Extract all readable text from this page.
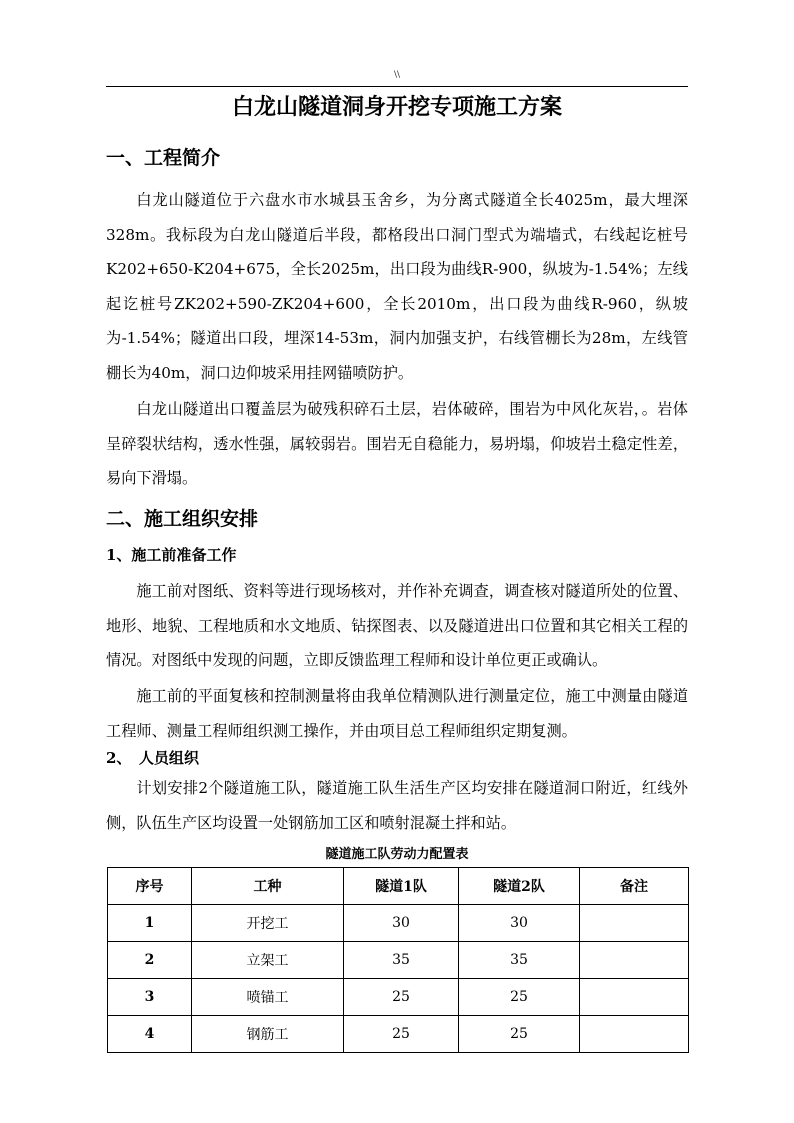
\\
白龙山隧道洞身开挖专项施工方案
一、工程简介

白龙山隧道位于六盘水市水城县玉舍乡，为分离式隧道全长4025m，最大埋深328m。我标段为白龙山隧道后半段，都格段出口洞门型式为端墙式，右线起讫桩号K202+650-K204+675，全长2025m，出口段为曲线R-900，纵坡为-1.54%；左线起讫桩号ZK202+590-ZK204+600，全长2010m，出口段为曲线R-960，纵坡为-1.54%；隧道出口段，埋深14-53m，洞内加强支护，右线管棚长为28m，左线管棚长为40m，洞口边仰坡采用挂网锚喷防护。

白龙山隧道出口覆盖层为破残积碎石土层，岩体破碎，围岩为中风化灰岩，。岩体呈碎裂状结构，透水性强，属较弱岩。围岩无自稳能力，易坍塌，仰坡岩土稳定性差，易向下滑塌。

二、施工组织安排
1、施工前准备工作

施工前对图纸、资料等进行现场核对，并作补充调查，调查核对隧道所处的位置、地形、地貌、工程地质和水文地质、钻探图表、以及隧道进出口位置和其它相关工程的情况。对图纸中发现的问题，立即反馈监理工程师和设计单位更正或确认。

施工前的平面复核和控制测量将由我单位精测队进行测量定位，施工中测量由隧道工程师、测量工程师组织测工操作，并由项目总工程师组织定期复测。

2、　人员组织

计划安排2个隧道施工队，隧道施工队生活生产区均安排在隧道洞口附近，红线外侧，队伍生产区均设置一处钢筋加工区和喷射混凝土拌和站。

隧道施工队劳动力配置表
序号	工种	隧道1队	隧道2队	备注
1	开挖工	30	30	
2	立架工	35	35	
3	喷锚工	25	25	
4	钢筋工	25	25	
